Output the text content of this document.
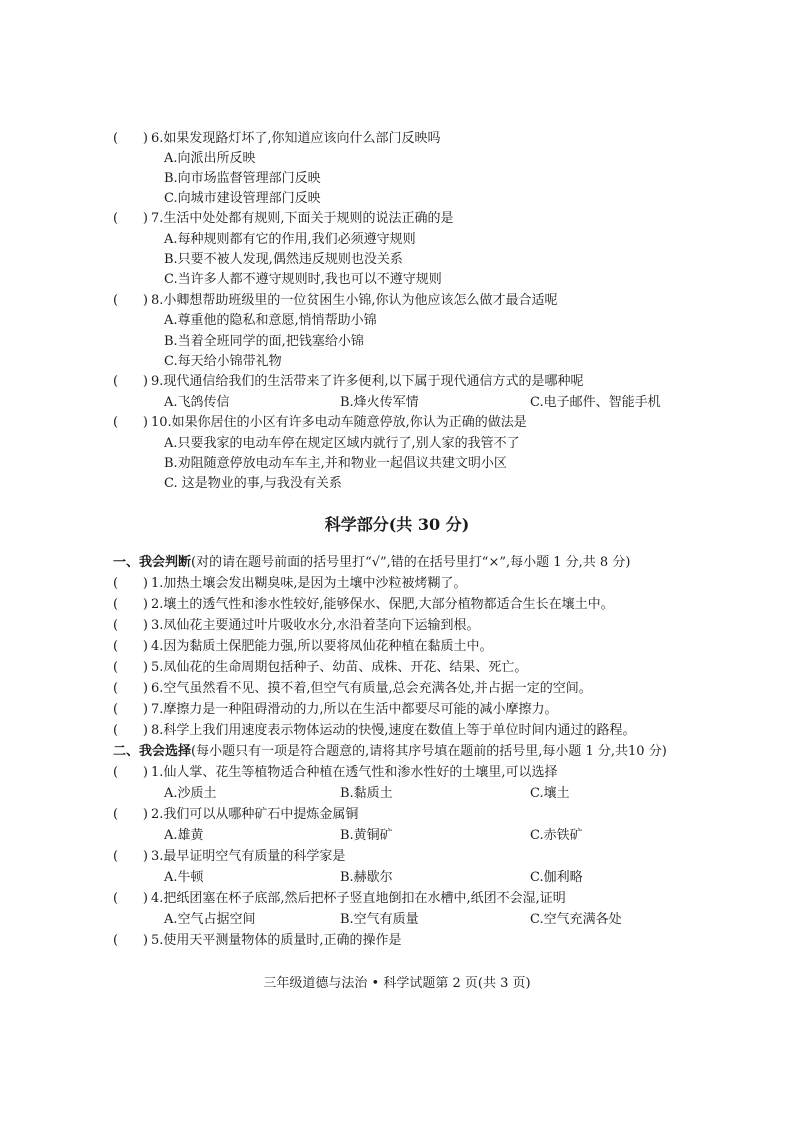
( ) 6.如果发现路灯坏了,你知道应该向什么部门反映吗
A.向派出所反映
B.向市场监督管理部门反映
C.向城市建设管理部门反映
( ) 7.生活中处处都有规则,下面关于规则的说法正确的是
A.每种规则都有它的作用,我们必须遵守规则
B.只要不被人发现,偶然违反规则也没关系
C.当许多人都不遵守规则时,我也可以不遵守规则
( ) 8.小卿想帮助班级里的一位贫困生小锦,你认为他应该怎么做才最合适呢
A.尊重他的隐私和意愿,悄悄帮助小锦
B.当着全班同学的面,把钱塞给小锦
C.每天给小锦带礼物
( ) 9.现代通信给我们的生活带来了许多便利,以下属于现代通信方式的是哪种呢
A.飞鸽传信	B.烽火传军情	C.电子邮件、智能手机
( ) 10.如果你居住的小区有许多电动车随意停放,你认为正确的做法是
A.只要我家的电动车停在规定区域内就行了,别人家的我管不了
B.劝阻随意停放电动车车主,并和物业一起倡议共建文明小区
C. 这是物业的事,与我没有关系
科学部分(共 30 分)
一、我会判断(对的请在题号前面的括号里打“√”,错的在括号里打“×”,每小题 1 分,共 8 分)
(      ) 1.加热土壤会发出糊臭味,是因为土壤中沙粒被烤糊了。
(      ) 2.壤土的透气性和渗水性较好,能够保水、保肥,大部分植物都适合生长在壤土中。
(      ) 3.凤仙花主要通过叶片吸收水分,水沿着茎向下运输到根。
(      ) 4.因为黏质土保肥能力强,所以要将凤仙花种植在黏质土中。
(      ) 5.凤仙花的生命周期包括种子、幼苗、成株、开花、结果、死亡。
(      ) 6.空气虽然看不见、摸不着,但空气有质量,总会充满各处,并占据一定的空间。
(      ) 7.摩擦力是一种阻碍滑动的力,所以在生活中都要尽可能的减小摩擦力。
(      ) 8.科学上我们用速度表示物体运动的快慢,速度在数值上等于单位时间内通过的路程。
二、我会选择(每小题只有一项是符合题意的,请将其序号填在题前的括号里,每小题 1 分,共10 分)
(      ) 1.仙人掌、花生等植物适合种植在透气性和渗水性好的土壤里,可以选择
A.沙质土	B.黏质土	C.壤土
(      ) 2.我们可以从哪种矿石中提炼金属铜
A.雄黄	B.黄铜矿	C.赤铁矿
(      ) 3.最早证明空气有质量的科学家是
A.牛顿	B.赫歇尔	C.伽利略
(      ) 4.把纸团塞在杯子底部,然后把杯子竖直地倒扣在水槽中,纸团不会湿,证明
A.空气占据空间	B.空气有质量	C.空气充满各处
(      ) 5.使用天平测量物体的质量时,正确的操作是
三年级道德与法治 • 科学试题第 2 页(共 3 页)
